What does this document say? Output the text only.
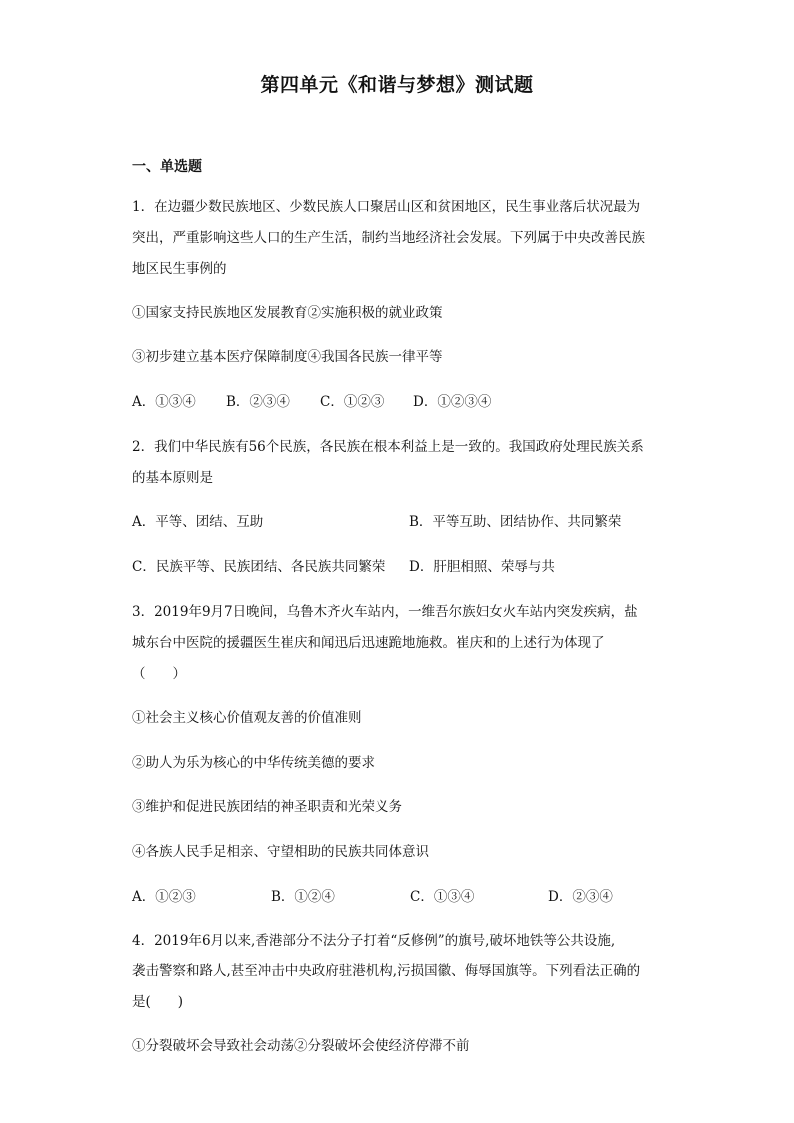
第四单元《和谐与梦想》测试题
一、单选题
1．在边疆少数民族地区、少数民族人口聚居山区和贫困地区，民生事业落后状况最为
突出，严重影响这些人口的生产生活，制约当地经济社会发展。下列属于中央改善民族
地区民生事例的
①国家支持民族地区发展教育②实施积极的就业政策
③初步建立基本医疗保障制度④我国各民族一律平等
A．①③④ B．②③④ C．①②③ D．①②③④
2．我们中华民族有56个民族，各民族在根本利益上是一致的。我国政府处理民族关系
的基本原则是
A．平等、团结、互助	B．平等互助、团结协作、共同繁荣
C．民族平等、民族团结、各民族共同繁荣 D．肝胆相照、荣辱与共
3．2019年9月7日晚间，乌鲁木齐火车站内，一维吾尔族妇女火车站内突发疾病，盐
城东台中医院的援疆医生崔庆和闻迅后迅速跪地施救。崔庆和的上述行为体现了
（　　）
①社会主义核心价值观友善的价值准则
②助人为乐为核心的中华传统美德的要求
③维护和促进民族团结的神圣职责和光荣义务
④各族人民手足相亲、守望相助的民族共同体意识
A．①②③	B．①②④	C．①③④	D．②③④
4．2019年6月以来,香港部分不法分子打着“反修例”的旗号,破坏地铁等公共设施,
袭击警察和路人,甚至冲击中央政府驻港机构,污损国徽、侮辱国旗等。下列看法正确的
是(　　)
①分裂破坏会导致社会动荡②分裂破坏会使经济停滞不前
